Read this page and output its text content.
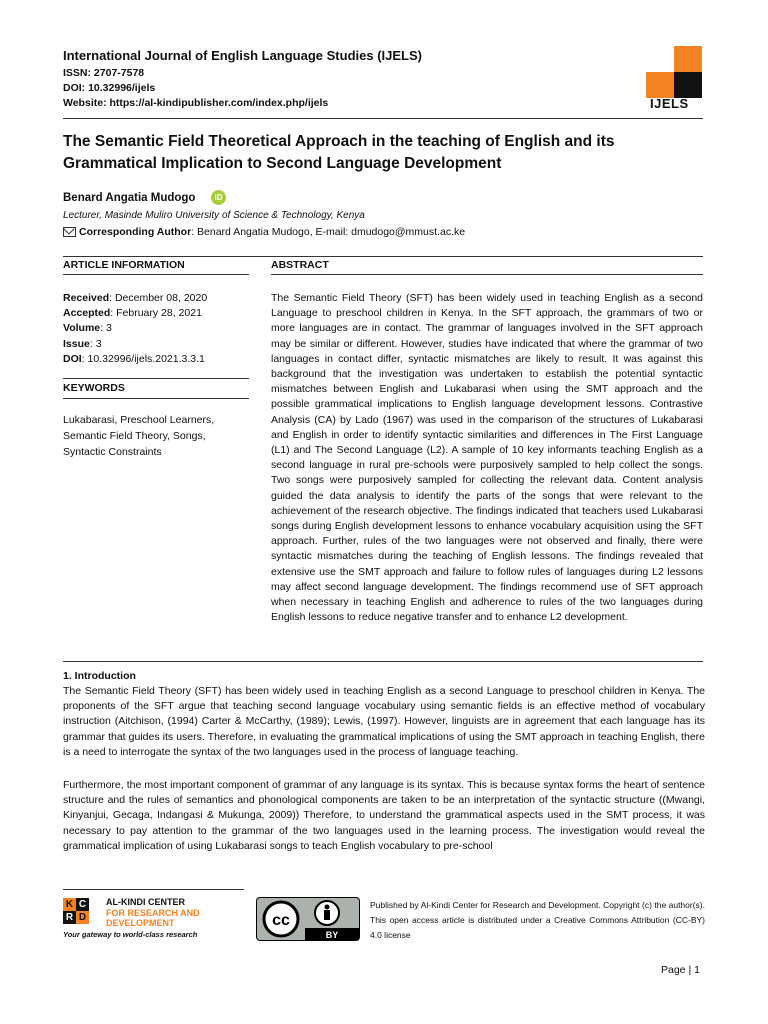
International Journal of English Language Studies (IJELS)
ISSN: 2707-7578
DOI: 10.32996/ijels
Website: https://al-kindipublisher.com/index.php/ijels	IJELS
The Semantic Field Theoretical Approach in the teaching of English and its Grammatical Implication to Second Language Development
Benard Angatia Mudogo	iD
Lecturer, Masinde Muliro University of Science & Technology, Kenya
Corresponding Author: Benard Angatia Mudogo, E-mail: dmudogo@mmust.ac.ke
ARTICLE INFORMATION	ABSTRACT
Received: December 08, 2020
Accepted: February 28, 2021
Volume: 3
Issue: 3
DOI: 10.32996/ijels.2021.3.3.1
KEYWORDS
Lukabarasi, Preschool Learners, Semantic Field Theory, Songs, Syntactic Constraints
The Semantic Field Theory (SFT) has been widely used in teaching English as a second Language to preschool children in Kenya. In the SFT approach, the grammars of two or more languages are in contact. The grammar of languages involved in the SFT approach may be similar or different. However, studies have indicated that where the grammar of two languages in contact differ, syntactic mismatches are likely to result. It was against this background that the investigation was undertaken to establish the potential syntactic mismatches between English and Lukabarasi when using the SMT approach and the possible grammatical implications to English language development lessons. Contrastive Analysis (CA) by Lado (1967) was used in the comparison of the structures of Lukabarasi and English in order to identify syntactic similarities and differences in The First Language (L1) and The Second Language (L2). A sample of 10 key informants teaching English as a second language in rural pre-schools were purposively sampled to help collect the songs. Two songs were purposively sampled for collecting the relevant data. Content analysis guided the data analysis to identify the parts of the songs that were relevant to the achievement of the research objective. The findings indicated that teachers used Lukabarasi songs during English development lessons to enhance vocabulary acquisition using the SFT approach. Further, rules of the two languages were not observed and finally, there were syntactic mismatches during the teaching of English lessons. The findings revealed that extensive use the SMT approach and failure to follow rules of languages during L2 lessons may affect second language development. The findings recommend use of SFT approach when necessary in teaching English and adherence to rules of the two languages during English lessons to reduce negative transfer and to enhance L2 development.
1. Introduction
The Semantic Field Theory (SFT) has been widely used in teaching English as a second Language to preschool children in Kenya. The proponents of the SFT argue that teaching second language vocabulary using semantic fields is an effective method of vocabulary instruction (Aitchison, (1994) Carter & McCarthy, (1989); Lewis, (1997). However, linguists are in agreement that each language has its grammar that guides its users. Therefore, in evaluating the grammatical implications of using the SMT approach in teaching English, there is a need to interrogate the syntax of the two languages used in the process of language teaching.
Furthermore, the most important component of grammar of any language is its syntax. This is because syntax forms the heart of sentence structure and the rules of semantics and phonological components are taken to be an interpretation of the syntactic structure ((Mwangi, Kinyanjui, Gecaga, Indangasi & Mukunga, 2009)) Therefore, to understand the grammatical aspects used in the SMT process, it was necessary to pay attention to the grammar of the two languages used in the learning process. The investigation would reveal the grammatical implication of using Lukabarasi songs to teach English vocabulary to pre-school
K C
R D
AL-KINDI CENTER
FOR RESEARCH AND DEVELOPMENT
Your gateway to world-class research
cc
BY
Published by Al-Kindi Center for Research and Development. Copyright (c) the author(s). This open access article is distributed under a Creative Commons Attribution (CC-BY) 4.0 license
Page | 1
